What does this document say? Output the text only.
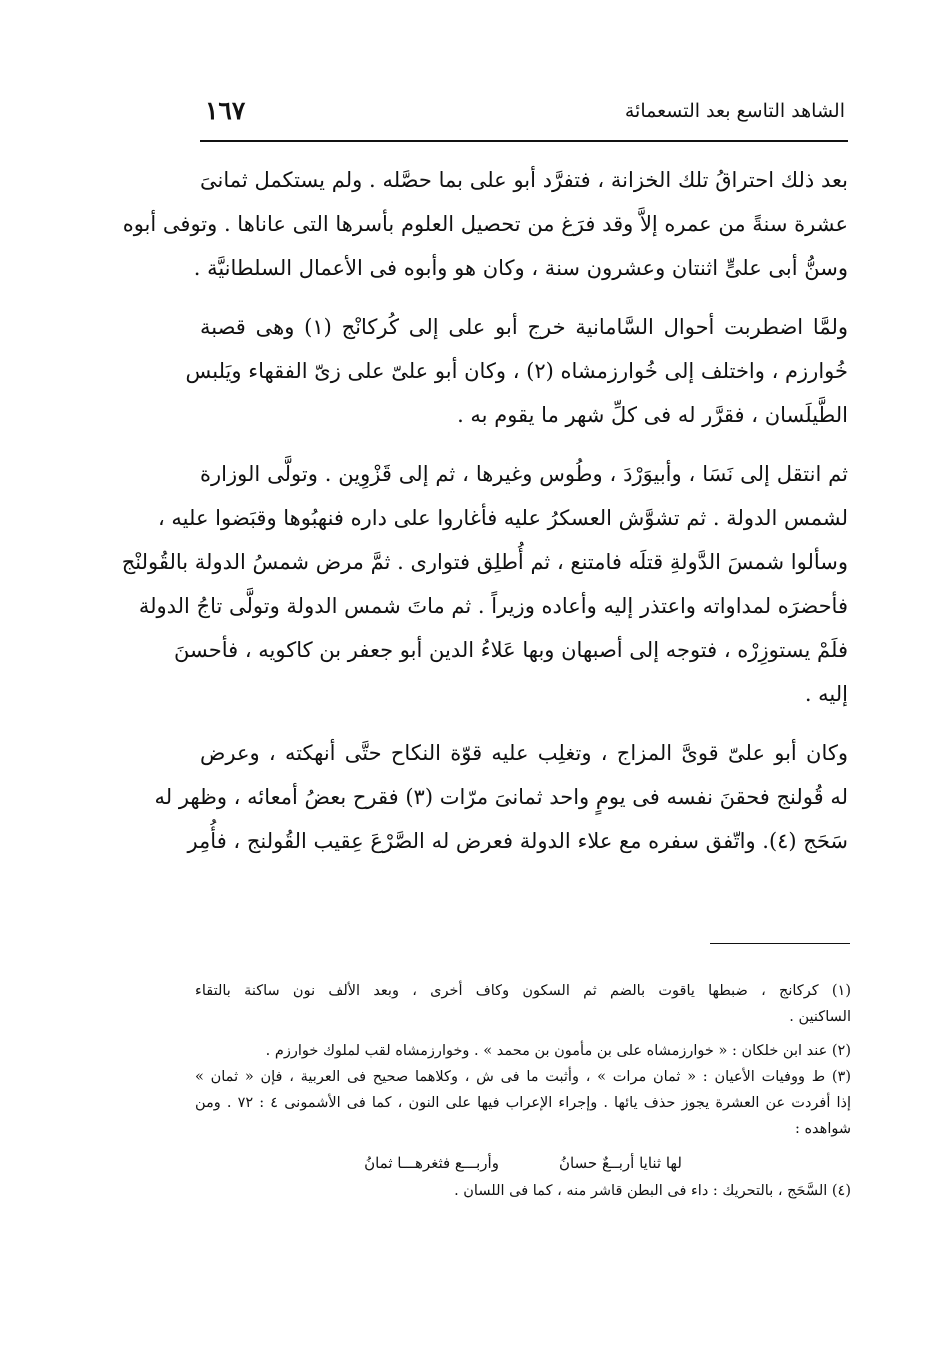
الشاهد التاسع بعد التسعمائة
١٦٧

بعد ذلك احتراقُ تلك الخزانة ، فتفرَّد أبو على بما حصَّله . ولم يستكمل ثمانىَ
عشرة سنةً من عمره إلاَّ وقد فرَغ من تحصيل العلوم بأسرها التى عاناها . وتوفى أبوه
وسنُّ أبى علىٍّ اثنتان وعشرون سنة ، وكان هو وأبوه فى الأعمال السلطانيَّة .

ولمَّا اضطربت أحوال السَّامانية خرج أبو على إلى كُركانْج (١) وهى قصبة
خُوارزم ، واختلف إلى خُوارزمشاه (٢) ، وكان أبو علىّ على زىّ الفقهاء ويَلبس
الطَّيلَسان ، فقرَّر له فى كلِّ شهر ما يقوم به .

ثم انتقل إلى نَسَا ، وأبيوَرْدَ ، وطُوس وغيرها ، ثم إلى قَزْوِين . وتولَّى الوزارة
لشمس الدولة . ثم تشوَّش العسكرُ عليه فأغاروا على داره فنهبُوها وقبَضوا عليه ،
وسألوا شمسَ الدَّولةِ قتلَه فامتنع ، ثم أُطلِق فتوارى . ثمَّ مرض شمسُ الدولة بالقُولنْج
فأحضرَه لمداواته واعتذر إليه وأعاده وزيراً . ثم ماتَ شمس الدولة وتولَّى تاجُ الدولة
فلَمْ يستوزِرْه ، فتوجه إلى أصبهان وبها عَلاءُ الدين أبو جعفر بن كاكويه ، فأحسنَ
إليه .

وكان أبو علىّ قوىَّ المزاج ، وتغلِب عليه قوّة النكاح حتَّى أنهكته ، وعرض
له قُولنج فحقنَ نفسه فى يومٍ واحد ثمانىَ مرّات (٣) فقرح بعضُ أمعائه ، وظهر له
سَحَج (٤). واتّفق سفره مع علاء الدولة فعرض له الصَّرْعَ عِقيب القُولنج ، فأُمِر

(١) كركانج ، ضبطها ياقوت بالضم ثم السكون وكاف أخرى ، وبعد الألف نون ساكنة بالتقاء
الساكنين .
(٢) عند ابن خلكان : « خوارزمشاه على بن مأمون بن محمد » . وخوارزمشاه لقب لملوك خوارزم .
(٣) ط ووفيات الأعيان : « ثمان مرات » ، وأثبت ما فى ش ، وكلاهما صحيح فى العربية ، فإن « ثمان »
إذا أفردت عن العشرة يجوز حذف يائها . وإجراء الإعراب فيها على النون ، كما فى الأشمونى ٤ : ٧٢ . ومن
شواهده :
لها ثنايا أربــعٌ حسانُ
وأربـــع فثغرهـــا ثمانُ
(٤) السَّحَج ، بالتحريك : داء فى البطن قاشر منه ، كما فى اللسان .
